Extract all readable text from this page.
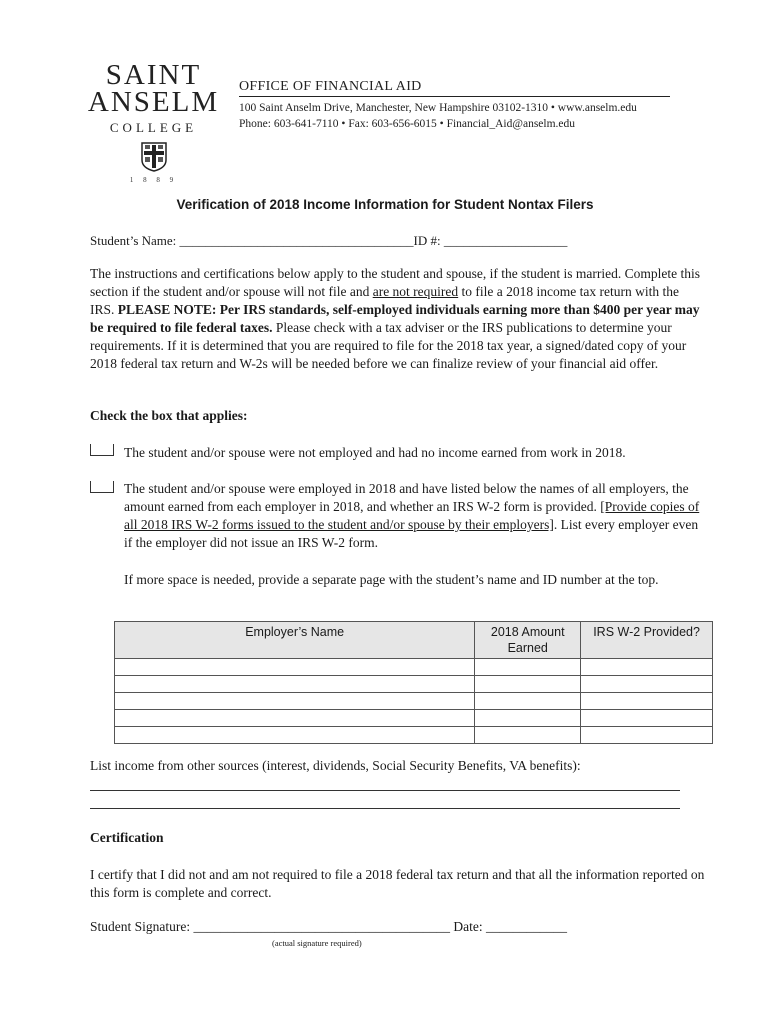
SAINT
ANSELM
COLLEGE
1 8 8 9
OFFICE OF FINANCIAL AID
100 Saint Anselm Drive, Manchester, New Hampshire 03102-1310 • www.anselm.edu
Phone: 603-641-7110 • Fax: 603-656-6015 • Financial_Aid@anselm.edu
Verification of 2018 Income Information for Student Nontax Filers
Student’s Name: ____________________________________ID #: ___________________
The instructions and certifications below apply to the student and spouse, if the student is married. Complete this section if the student and/or spouse will not file and are not required to file a 2018 income tax return with the IRS. PLEASE NOTE: Per IRS standards, self-employed individuals earning more than $400 per year may be required to file federal taxes. Please check with a tax adviser or the IRS publications to determine your requirements. If it is determined that you are required to file for the 2018 tax year, a signed/dated copy of your 2018 federal tax return and W-2s will be needed before we can finalize review of your financial aid offer.
Check the box that applies:
The student and/or spouse were not employed and had no income earned from work in 2018.
The student and/or spouse were employed in 2018 and have listed below the names of all employers, the amount earned from each employer in 2018, and whether an IRS W-2 form is provided. [Provide copies of all 2018 IRS W-2 forms issued to the student and/or spouse by their employers]. List every employer even if the employer did not issue an IRS W-2 form.
If more space is needed, provide a separate page with the student’s name and ID number at the top.
Employer’s Name	2018 Amount Earned	IRS W-2 Provided?

List income from other sources (interest, dividends, Social Security Benefits, VA benefits):
Certification
I certify that I did not and am not required to file a 2018 federal tax return and that all the information reported on this form is complete and correct.
Student Signature: ______________________________________ Date: ____________
(actual signature required)
